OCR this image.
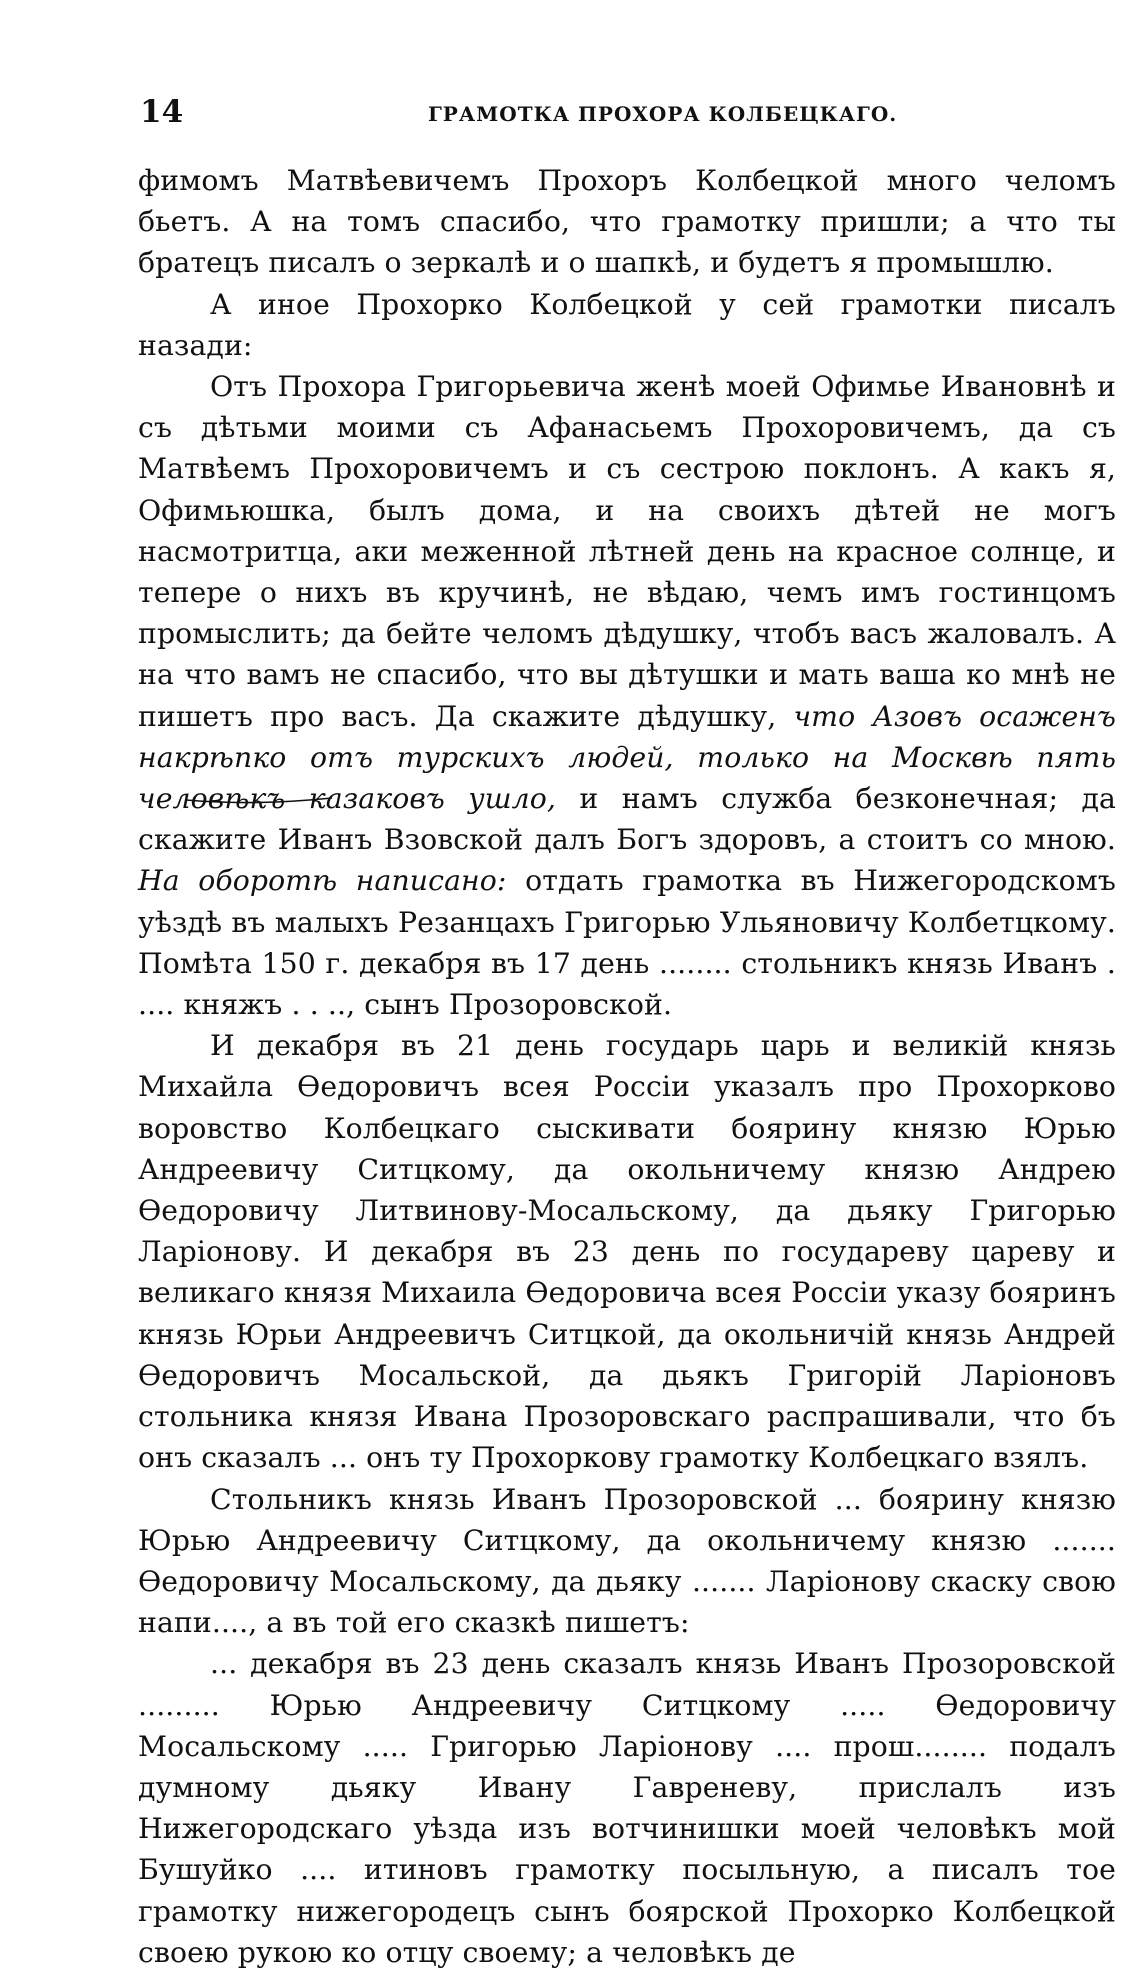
14	ГРАМОТКА ПРОХОРА КОЛБЕЦКАГО.

фимомъ Матвѣевичемъ Прохоръ Колбецкой много челомъ бьетъ. А на томъ спасибо, что грамотку пришли; а что ты братецъ писалъ о зеркалѣ и о шапкѣ, и будетъ я промышлю.

А иное Прохорко Колбецкой у сей грамотки писалъ назади:

Отъ Прохора Григорьевича женѣ моей Офимье Ивановнѣ и съ дѣтьми моими съ Афанасьемъ Прохоровичемъ, да съ Матвѣемъ Прохоровичемъ и съ сестрою поклонъ. А какъ я, Офимьюшка, былъ дома, и на своихъ дѣтей не могъ насмотритца, аки меженной лѣтней день на красное солнце, и тепере о нихъ въ кручинѣ, не вѣдаю, чемъ имъ гостинцомъ промыслить; да бейте челомъ дѣдушку, чтобъ васъ жаловалъ. А на что вамъ не спасибо, что вы дѣтушки и мать ваша ко мнѣ не пишетъ про васъ. Да скажите дѣдушку, что Азовъ осаженъ накрѣпко отъ турскихъ людей, только на Москвѣ пять человѣкъ казаковъ ушло, и намъ служба безконечная; да скажите Иванъ Взовской далъ Богъ здоровъ, а стоитъ со мною. На оборотѣ написано: отдать грамотка въ Нижегородскомъ уѣздѣ въ малыхъ Резанцахъ Григорью Ульяновичу Колбетцкому. Помѣта 150 г. декабря въ 17 день ........ стольникъ князь Иванъ . .... княжъ . . .., сынъ Прозоровской.

И декабря въ 21 день государь царь и великій князь Михайла Ѳедоровичъ всея Россіи указалъ про Прохорково воровство Колбецкаго сыскивати боярину князю Юрью Андреевичу Ситцкому, да окольничему князю Андрею Ѳедоровичу Литвинову-Мосальскому, да дьяку Григорью Ларіонову. И декабря въ 23 день по государеву цареву и великаго князя Михаила Ѳедоровича всея Россіи указу бояринъ князь Юрьи Андреевичъ Ситцкой, да окольничій князь Андрей Ѳедоровичъ Мосальской, да дьякъ Григорій Ларіоновъ стольника князя Ивана Прозоровскаго распрашивали, что бъ онъ сказалъ ... онъ ту Прохоркову грамотку Колбецкаго взялъ.

Стольникъ князь Иванъ Прозоровской ... боярину князю Юрью Андреевичу Ситцкому, да окольничему князю ....... Ѳедоровичу Мосальскому, да дьяку ....... Ларіонову скаску свою напи...., а въ той его сказкѣ пишетъ:

... декабря въ 23 день сказалъ князь Иванъ Прозоровской ......... Юрью Андреевичу Ситцкому ..... Ѳедоровичу Мосальскому ..... Григорью Ларіонову .... прош........ подалъ думному дьяку Ивану Гавреневу, прислалъ изъ Нижегородскаго уѣзда изъ вотчинишки моей человѣкъ мой Бушуйко .... итиновъ грамотку посыльную, а писалъ тое грамотку нижегородецъ сынъ боярской Прохорко Колбецкой своею рукою ко отцу своему; а человѣкъ де
